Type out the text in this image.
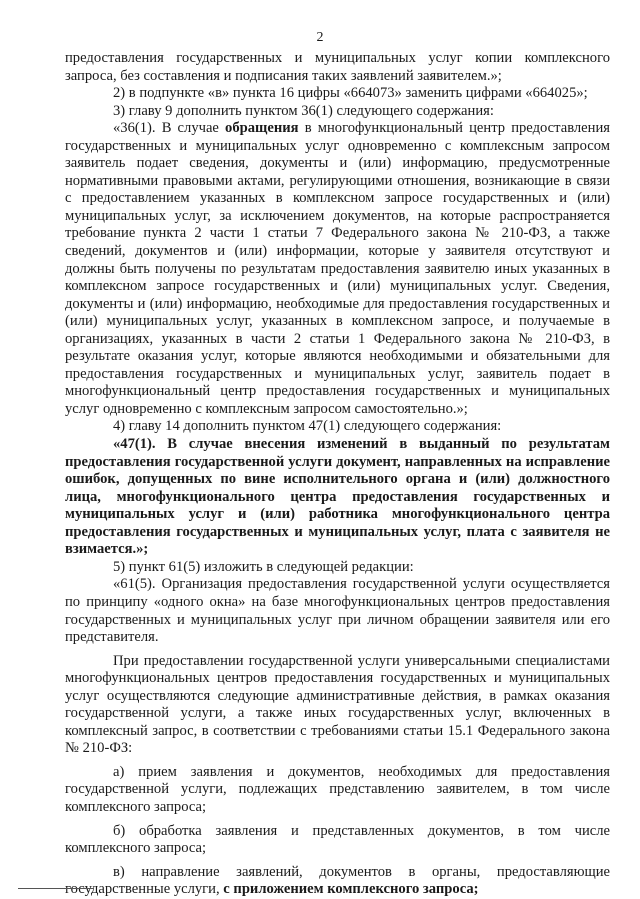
2

предоставления государственных и муниципальных услуг копии комплексного запроса, без составления и подписания таких заявлений заявителем.»;

2) в подпункте «в» пункта 16 цифры «664073» заменить цифрами «664025»;

3) главу 9 дополнить пунктом 36(1) следующего содержания:

«36(1). В случае обращения в многофункциональный центр предоставления государственных и муниципальных услуг одновременно с комплексным запросом заявитель подает сведения, документы и (или) информацию, предусмотренные нормативными правовыми актами, регулирующими отношения, возникающие в связи с предоставлением указанных в комплексном запросе государственных и (или) муниципальных услуг, за исключением документов, на которые распространяется требование пункта 2 части 1 статьи 7 Федерального закона № 210-ФЗ, а также сведений, документов и (или) информации, которые у заявителя отсутствуют и должны быть получены по результатам предоставления заявителю иных указанных в комплексном запросе государственных и (или) муниципальных услуг. Сведения, документы и (или) информацию, необходимые для предоставления государственных и (или) муниципальных услуг, указанных в комплексном запросе, и получаемые в организациях, указанных в части 2 статьи 1 Федерального закона № 210-ФЗ, в результате оказания услуг, которые являются необходимыми и обязательными для предоставления государственных и муниципальных услуг, заявитель подает в многофункциональный центр предоставления государственных и муниципальных услуг одновременно с комплексным запросом самостоятельно.»;

4) главу 14 дополнить пунктом 47(1) следующего содержания:

«47(1). В случае внесения изменений в выданный по результатам предоставления государственной услуги документ, направленных на исправление ошибок, допущенных по вине исполнительного органа и (или) должностного лица, многофункционального центра предоставления государственных и муниципальных услуг и (или) работника многофункционального центра предоставления государственных и муниципальных услуг, плата с заявителя не взимается.»;

5) пункт 61(5) изложить в следующей редакции:

«61(5). Организация предоставления государственной услуги осуществляется по принципу «одного окна» на базе многофункциональных центров предоставления государственных и муниципальных услуг при личном обращении заявителя или его представителя.

При предоставлении государственной услуги универсальными специалистами многофункциональных центров предоставления государственных и муниципальных услуг осуществляются следующие административные действия, в рамках оказания государственной услуги, а также иных государственных услуг, включенных в комплексный запрос, в соответствии с требованиями статьи 15.1 Федерального закона № 210-ФЗ:

а) прием заявления и документов, необходимых для предоставления государственной услуги, подлежащих представлению заявителем, в том числе комплексного запроса;

б) обработка заявления и представленных документов, в том числе комплексного запроса;

в) направление заявлений, документов в органы, предоставляющие государственные услуги, с приложением комплексного запроса;
